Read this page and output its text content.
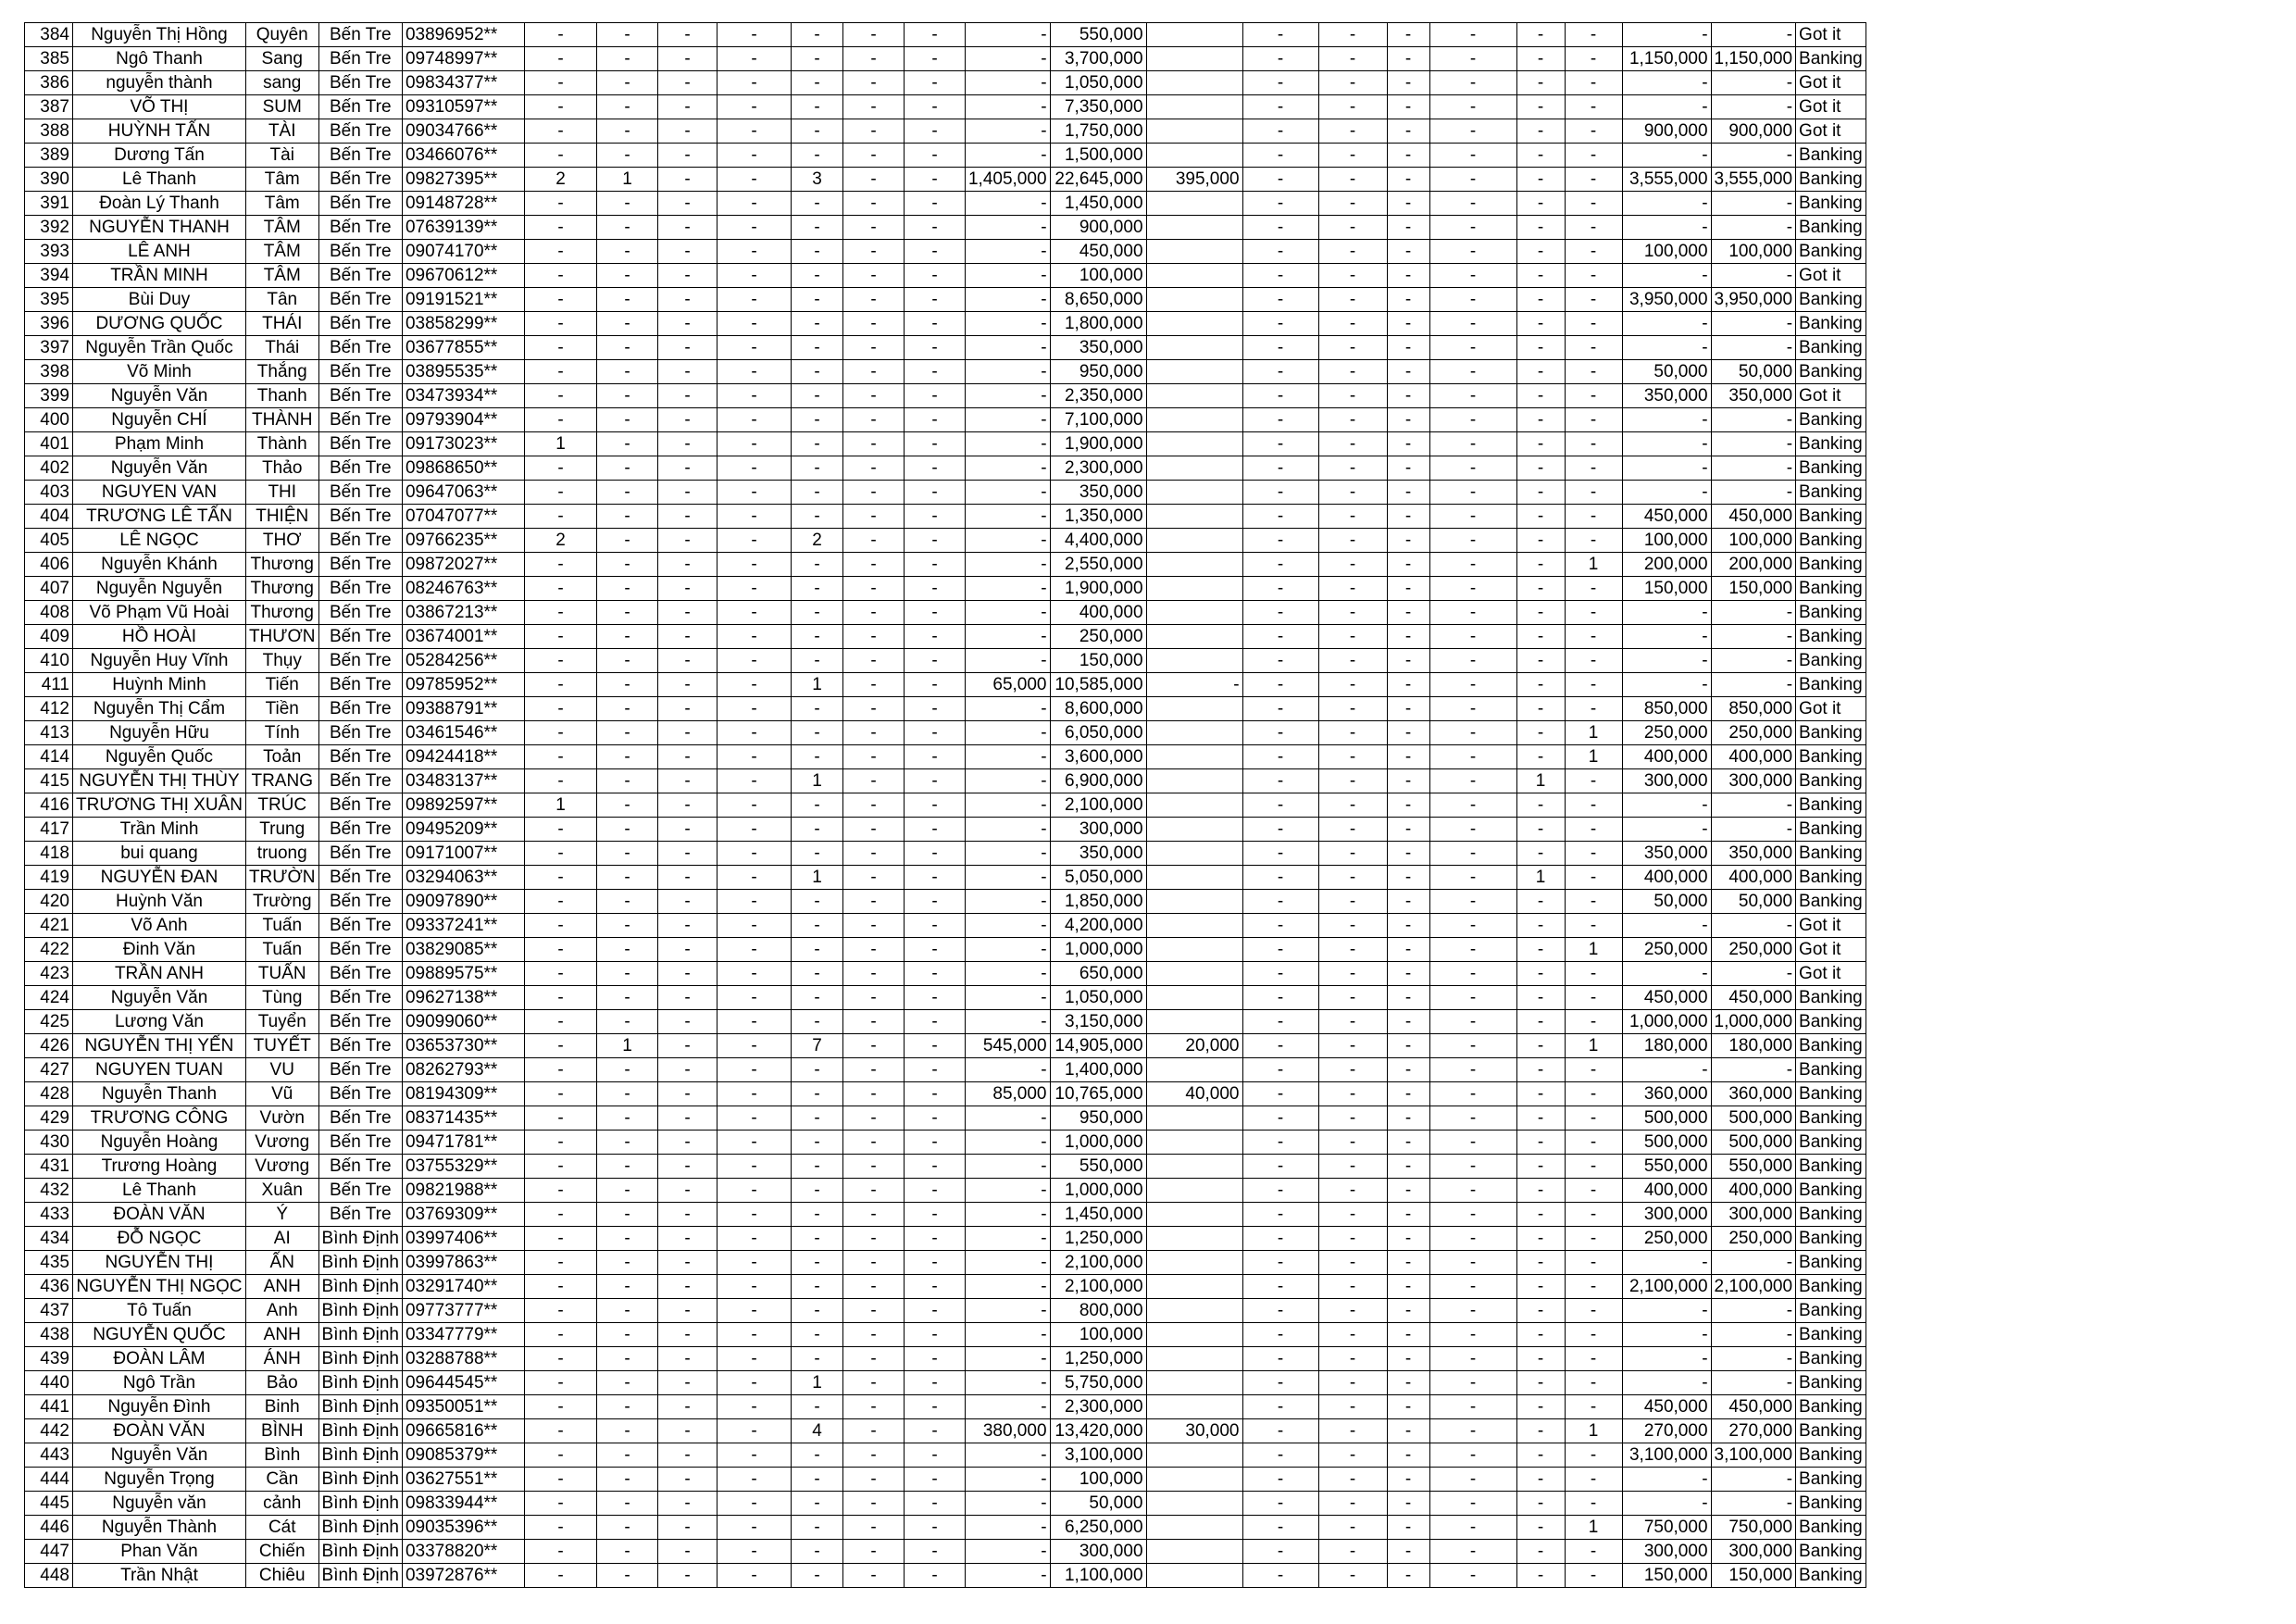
384	Nguyễn Thị Hồng	Quyên	Bến Tre	03896952**	-	-	-	-	-	-	-	-	550,000		-	-	-	-	-	-	-	-	Got it
385	Ngô Thanh	Sang	Bến Tre	09748997**	-	-	-	-	-	-	-	-	3,700,000		-	-	-	-	-	-	1,150,000	1,150,000	Banking
386	nguyễn thành	sang	Bến Tre	09834377**	-	-	-	-	-	-	-	-	1,050,000		-	-	-	-	-	-	-	-	Got it
387	VÕ THỊ	SUM	Bến Tre	09310597**	-	-	-	-	-	-	-	-	7,350,000		-	-	-	-	-	-	-	-	Got it
388	HUỲNH TẤN	TÀI	Bến Tre	09034766**	-	-	-	-	-	-	-	-	1,750,000		-	-	-	-	-	-	900,000	900,000	Got it
389	Dương Tấn	Tài	Bến Tre	03466076**	-	-	-	-	-	-	-	-	1,500,000		-	-	-	-	-	-	-	-	Banking
390	Lê Thanh	Tâm	Bến Tre	09827395**	2	1	-	-	3	-	-	1,405,000	22,645,000	395,000	-	-	-	-	-	-	3,555,000	3,555,000	Banking
391	Đoàn Lý Thanh	Tâm	Bến Tre	09148728**	-	-	-	-	-	-	-	-	1,450,000		-	-	-	-	-	-	-	-	Banking
392	NGUYỄN THANH	TÂM	Bến Tre	07639139**	-	-	-	-	-	-	-	-	900,000		-	-	-	-	-	-	-	-	Banking
393	LÊ ANH	TÂM	Bến Tre	09074170**	-	-	-	-	-	-	-	-	450,000		-	-	-	-	-	-	100,000	100,000	Banking
394	TRẦN MINH	TÂM	Bến Tre	09670612**	-	-	-	-	-	-	-	-	100,000		-	-	-	-	-	-	-	-	Got it
395	Bùi Duy	Tân	Bến Tre	09191521**	-	-	-	-	-	-	-	-	8,650,000		-	-	-	-	-	-	3,950,000	3,950,000	Banking
396	DƯƠNG QUỐC	THÁI	Bến Tre	03858299**	-	-	-	-	-	-	-	-	1,800,000		-	-	-	-	-	-	-	-	Banking
397	Nguyễn Trần Quốc	Thái	Bến Tre	03677855**	-	-	-	-	-	-	-	-	350,000		-	-	-	-	-	-	-	-	Banking
398	Võ Minh	Thắng	Bến Tre	03895535**	-	-	-	-	-	-	-	-	950,000		-	-	-	-	-	-	50,000	50,000	Banking
399	Nguyễn Văn	Thanh	Bến Tre	03473934**	-	-	-	-	-	-	-	-	2,350,000		-	-	-	-	-	-	350,000	350,000	Got it
400	Nguyễn CHÍ	THÀNH	Bến Tre	09793904**	-	-	-	-	-	-	-	-	7,100,000		-	-	-	-	-	-	-	-	Banking
401	Phạm Minh	Thành	Bến Tre	09173023**	1	-	-	-	-	-	-	-	1,900,000		-	-	-	-	-	-	-	-	Banking
402	Nguyễn Văn	Thảo	Bến Tre	09868650**	-	-	-	-	-	-	-	-	2,300,000		-	-	-	-	-	-	-	-	Banking
403	NGUYEN VAN	THI	Bến Tre	09647063**	-	-	-	-	-	-	-	-	350,000		-	-	-	-	-	-	-	-	Banking
404	TRƯƠNG LÊ TẤN	THIỆN	Bến Tre	07047077**	-	-	-	-	-	-	-	-	1,350,000		-	-	-	-	-	-	450,000	450,000	Banking
405	LÊ NGỌC	THƠ	Bến Tre	09766235**	2	-	-	-	2	-	-	-	4,400,000		-	-	-	-	-	-	100,000	100,000	Banking
406	Nguyễn Khánh	Thương	Bến Tre	09872027**	-	-	-	-	-	-	-	-	2,550,000		-	-	-	-	-	1	200,000	200,000	Banking
407	Nguyễn Nguyễn	Thương	Bến Tre	08246763**	-	-	-	-	-	-	-	-	1,900,000		-	-	-	-	-	-	150,000	150,000	Banking
408	Võ Phạm Vũ Hoài	Thương	Bến Tre	03867213**	-	-	-	-	-	-	-	-	400,000		-	-	-	-	-	-	-	-	Banking
409	HỒ HOÀI	THƯƠN	Bến Tre	03674001**	-	-	-	-	-	-	-	-	250,000		-	-	-	-	-	-	-	-	Banking
410	Nguyễn Huy Vĩnh	Thụy	Bến Tre	05284256**	-	-	-	-	-	-	-	-	150,000		-	-	-	-	-	-	-	-	Banking
411	Huỳnh Minh	Tiến	Bến Tre	09785952**	-	-	-	-	1	-	-	65,000	10,585,000	-	-	-	-	-	-	-	-	-	Banking
412	Nguyễn Thị Cẩm	Tiền	Bến Tre	09388791**	-	-	-	-	-	-	-	-	8,600,000		-	-	-	-	-	-	850,000	850,000	Got it
413	Nguyễn Hữu	Tính	Bến Tre	03461546**	-	-	-	-	-	-	-	-	6,050,000		-	-	-	-	-	1	250,000	250,000	Banking
414	Nguyễn Quốc	Toản	Bến Tre	09424418**	-	-	-	-	-	-	-	-	3,600,000		-	-	-	-	-	1	400,000	400,000	Banking
415	NGUYỄN THỊ THÙY	TRANG	Bến Tre	03483137**	-	-	-	-	1	-	-	-	6,900,000		-	-	-	-	1	-	300,000	300,000	Banking
416	TRƯƠNG THỊ XUÂN	TRÚC	Bến Tre	09892597**	1	-	-	-	-	-	-	-	2,100,000		-	-	-	-	-	-	-	-	Banking
417	Trần Minh	Trung	Bến Tre	09495209**	-	-	-	-	-	-	-	-	300,000		-	-	-	-	-	-	-	-	Banking
418	bui quang	truong	Bến Tre	09171007**	-	-	-	-	-	-	-	-	350,000		-	-	-	-	-	-	350,000	350,000	Banking
419	NGUYỄN ĐAN	TRƯỜN	Bến Tre	03294063**	-	-	-	-	1	-	-	-	5,050,000		-	-	-	-	1	-	400,000	400,000	Banking
420	Huỳnh Văn	Trường	Bến Tre	09097890**	-	-	-	-	-	-	-	-	1,850,000		-	-	-	-	-	-	50,000	50,000	Banking
421	Võ Anh	Tuấn	Bến Tre	09337241**	-	-	-	-	-	-	-	-	4,200,000		-	-	-	-	-	-	-	-	Got it
422	Đinh Văn	Tuấn	Bến Tre	03829085**	-	-	-	-	-	-	-	-	1,000,000		-	-	-	-	-	1	250,000	250,000	Got it
423	TRẦN ANH	TUẤN	Bến Tre	09889575**	-	-	-	-	-	-	-	-	650,000		-	-	-	-	-	-	-	-	Got it
424	Nguyễn Văn	Tùng	Bến Tre	09627138**	-	-	-	-	-	-	-	-	1,050,000		-	-	-	-	-	-	450,000	450,000	Banking
425	Lương Văn	Tuyển	Bến Tre	09099060**	-	-	-	-	-	-	-	-	3,150,000		-	-	-	-	-	-	1,000,000	1,000,000	Banking
426	NGUYỄN THỊ YẾN	TUYẾT	Bến Tre	03653730**	-	1	-	-	7	-	-	545,000	14,905,000	20,000	-	-	-	-	-	1	180,000	180,000	Banking
427	NGUYEN TUAN	VU	Bến Tre	08262793**	-	-	-	-	-	-	-	-	1,400,000		-	-	-	-	-	-	-	-	Banking
428	Nguyễn Thanh	Vũ	Bến Tre	08194309**	-	-	-	-	-	-	-	85,000	10,765,000	40,000	-	-	-	-	-	-	360,000	360,000	Banking
429	TRƯƠNG CÔNG	Vườn	Bến Tre	08371435**	-	-	-	-	-	-	-	-	950,000		-	-	-	-	-	-	500,000	500,000	Banking
430	Nguyễn Hoàng	Vương	Bến Tre	09471781**	-	-	-	-	-	-	-	-	1,000,000		-	-	-	-	-	-	500,000	500,000	Banking
431	Trương Hoàng	Vương	Bến Tre	03755329**	-	-	-	-	-	-	-	-	550,000		-	-	-	-	-	-	550,000	550,000	Banking
432	Lê Thanh	Xuân	Bến Tre	09821988**	-	-	-	-	-	-	-	-	1,000,000		-	-	-	-	-	-	400,000	400,000	Banking
433	ĐOÀN VĂN	Ý	Bến Tre	03769309**	-	-	-	-	-	-	-	-	1,450,000		-	-	-	-	-	-	300,000	300,000	Banking
434	ĐỖ NGỌC	AI	Bình Định	03997406**	-	-	-	-	-	-	-	-	1,250,000		-	-	-	-	-	-	250,000	250,000	Banking
435	NGUYỄN THỊ	ẤN	Bình Định	03997863**	-	-	-	-	-	-	-	-	2,100,000		-	-	-	-	-	-	-	-	Banking
436	NGUYỄN THỊ NGỌC	ANH	Bình Định	03291740**	-	-	-	-	-	-	-	-	2,100,000		-	-	-	-	-	-	2,100,000	2,100,000	Banking
437	Tô Tuấn	Anh	Bình Định	09773777**	-	-	-	-	-	-	-	-	800,000		-	-	-	-	-	-	-	-	Banking
438	NGUYỄN QUỐC	ANH	Bình Định	03347779**	-	-	-	-	-	-	-	-	100,000		-	-	-	-	-	-	-	-	Banking
439	ĐOÀN LÂM	ÁNH	Bình Định	03288788**	-	-	-	-	-	-	-	-	1,250,000		-	-	-	-	-	-	-	-	Banking
440	Ngô Trần	Bảo	Bình Định	09644545**	-	-	-	-	1	-	-	-	5,750,000		-	-	-	-	-	-	-	-	Banking
441	Nguyễn Đình	Binh	Bình Định	09350051**	-	-	-	-	-	-	-	-	2,300,000		-	-	-	-	-	-	450,000	450,000	Banking
442	ĐOÀN VĂN	BÌNH	Bình Định	09665816**	-	-	-	-	4	-	-	380,000	13,420,000	30,000	-	-	-	-	-	1	270,000	270,000	Banking
443	Nguyễn Văn	Bình	Bình Định	09085379**	-	-	-	-	-	-	-	-	3,100,000		-	-	-	-	-	-	3,100,000	3,100,000	Banking
444	Nguyễn Trọng	Cần	Bình Định	03627551**	-	-	-	-	-	-	-	-	100,000		-	-	-	-	-	-	-	-	Banking
445	Nguyễn văn	cảnh	Bình Định	09833944**	-	-	-	-	-	-	-	-	50,000		-	-	-	-	-	-	-	-	Banking
446	Nguyễn Thành	Cát	Bình Định	09035396**	-	-	-	-	-	-	-	-	6,250,000		-	-	-	-	-	1	750,000	750,000	Banking
447	Phan Văn	Chiến	Bình Định	03378820**	-	-	-	-	-	-	-	-	300,000		-	-	-	-	-	-	300,000	300,000	Banking
448	Trần Nhật	Chiêu	Bình Định	03972876**	-	-	-	-	-	-	-	-	1,100,000		-	-	-	-	-	-	150,000	150,000	Banking
